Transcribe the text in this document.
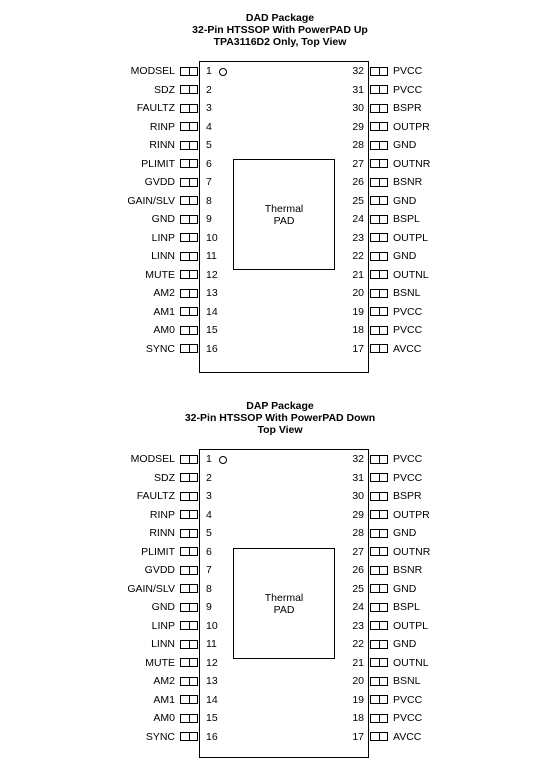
DAD Package
32-Pin HTSSOP With PowerPAD Up
TPA3116D2 Only, Top View
Thermal
PAD
MODSEL	1	32	PVCC
SDZ	2	31	PVCC
FAULTZ	3	30	BSPR
RINP	4	29	OUTPR
RINN	5	28	GND
PLIMIT	6	27	OUTNR
GVDD	7	26	BSNR
GAIN/SLV	8	25	GND
GND	9	24	BSPL
LINP	10	23	OUTPL
LINN	11	22	GND
MUTE	12	21	OUTNL
AM2	13	20	BSNL
AM1	14	19	PVCC
AM0	15	18	PVCC
SYNC	16	17	AVCC
DAP Package
32-Pin HTSSOP With PowerPAD Down
Top View
Thermal
PAD
MODSEL	1	32	PVCC
SDZ	2	31	PVCC
FAULTZ	3	30	BSPR
RINP	4	29	OUTPR
RINN	5	28	GND
PLIMIT	6	27	OUTNR
GVDD	7	26	BSNR
GAIN/SLV	8	25	GND
GND	9	24	BSPL
LINP	10	23	OUTPL
LINN	11	22	GND
MUTE	12	21	OUTNL
AM2	13	20	BSNL
AM1	14	19	PVCC
AM0	15	18	PVCC
SYNC	16	17	AVCC
